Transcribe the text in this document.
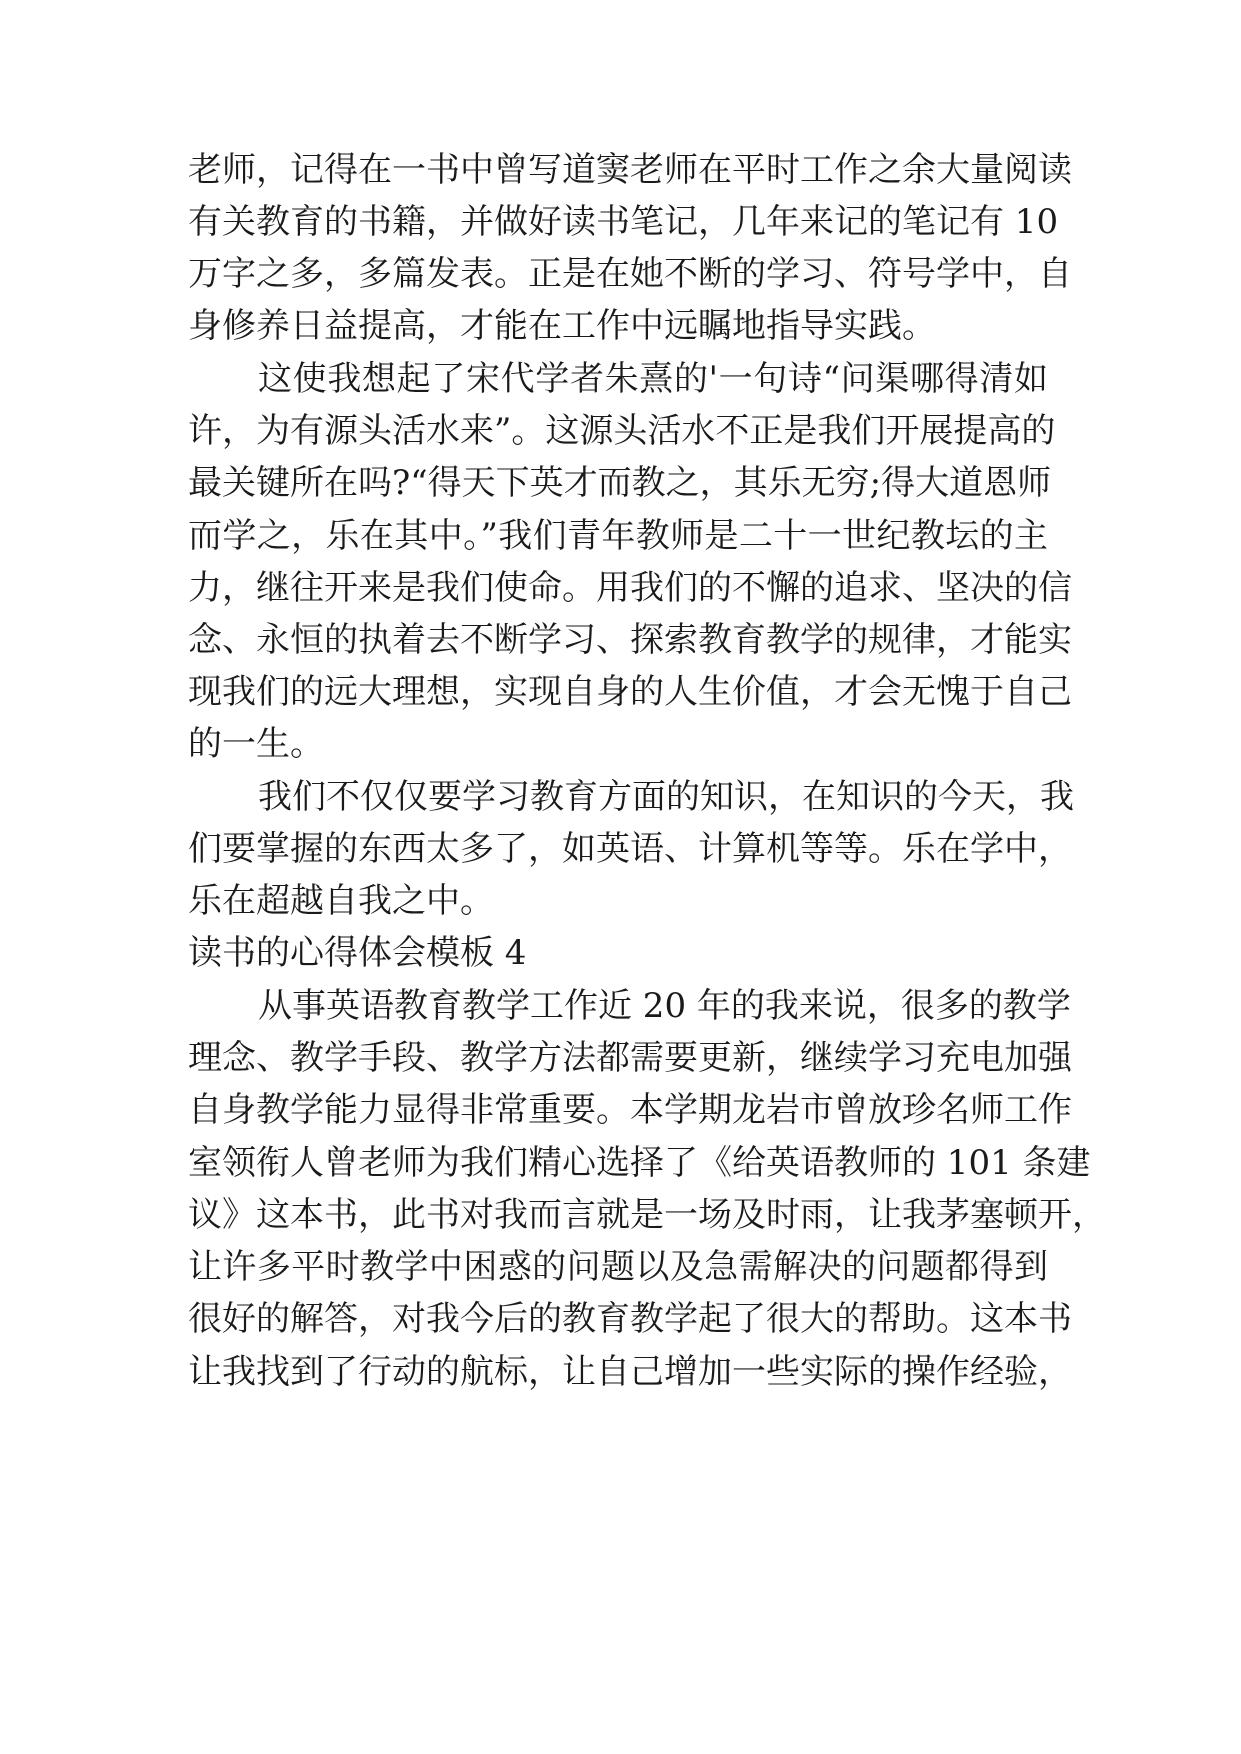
老师，记得在一书中曾写道窦老师在平时工作之余大量阅读
有关教育的书籍，并做好读书笔记，几年来记的笔记有 10
万字之多，多篇发表。正是在她不断的学习、符号学中，自
身修养日益提高，才能在工作中远瞩地指导实践。
这使我想起了宋代学者朱熹的'一句诗“问渠哪得清如
许，为有源头活水来”。这源头活水不正是我们开展提高的
最关键所在吗?“得天下英才而教之，其乐无穷;得大道恩师
而学之，乐在其中。”我们青年教师是二十一世纪教坛的主
力，继往开来是我们使命。用我们的不懈的追求、坚决的信
念、永恒的执着去不断学习、探索教育教学的规律，才能实
现我们的远大理想，实现自身的人生价值，才会无愧于自己
的一生。
我们不仅仅要学习教育方面的知识，在知识的今天，我
们要掌握的东西太多了，如英语、计算机等等。乐在学中，
乐在超越自我之中。
读书的心得体会模板 4
从事英语教育教学工作近 20 年的我来说，很多的教学
理念、教学手段、教学方法都需要更新，继续学习充电加强
自身教学能力显得非常重要。本学期龙岩市曾放珍名师工作
室领衔人曾老师为我们精心选择了《给英语教师的 101 条建
议》这本书，此书对我而言就是一场及时雨，让我茅塞顿开，
让许多平时教学中困惑的问题以及急需解决的问题都得到
很好的解答，对我今后的教育教学起了很大的帮助。这本书
让我找到了行动的航标，让自己增加一些实际的操作经验，
